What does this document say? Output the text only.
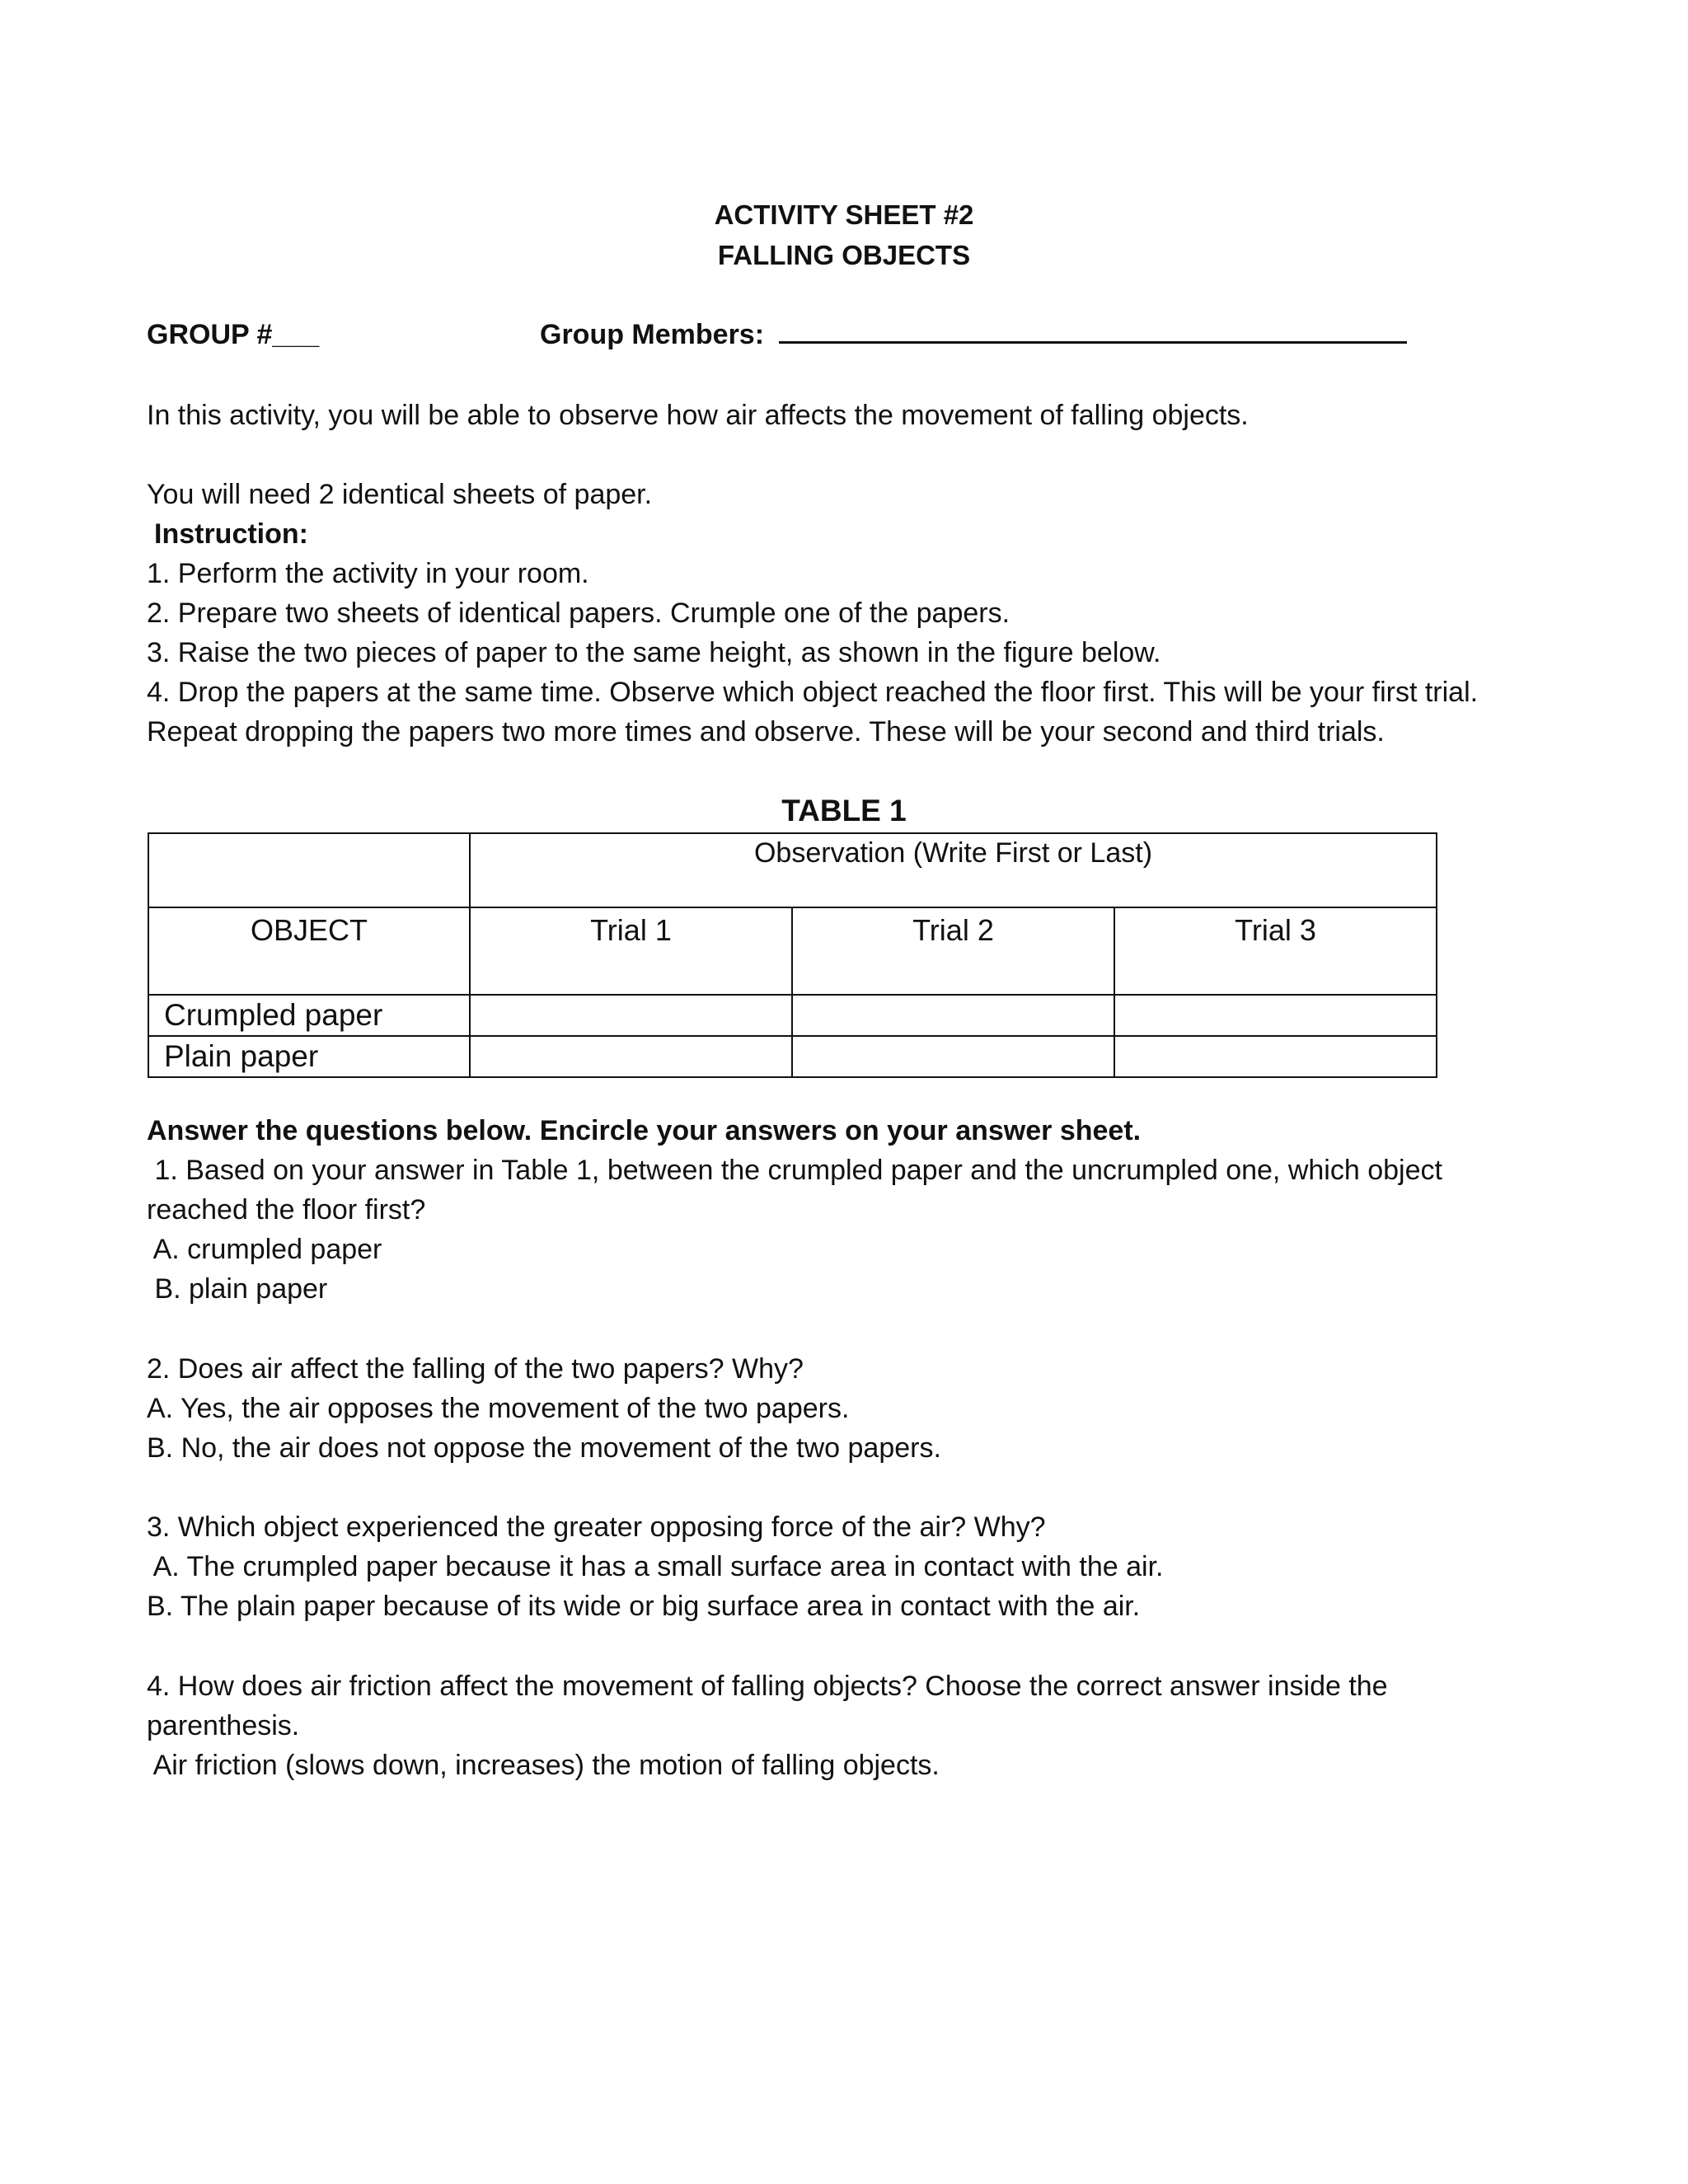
ACTIVITY SHEET #2
FALLING OBJECTS
GROUP #___	Group Members:
In this activity, you will be able to observe how air affects the movement of falling objects.
You will need 2 identical sheets of paper.
Instruction:
1. Perform the activity in your room.
2. Prepare two sheets of identical papers. Crumple one of the papers.
3. Raise the two pieces of paper to the same height, as shown in the figure below.
4. Drop the papers at the same time. Observe which object reached the floor first. This will be your first trial.
Repeat dropping the papers two more times and observe. These will be your second and third trials.
TABLE 1
	Observation (Write First or Last)		
OBJECT	Trial 1	Trial 2	Trial 3
Crumpled paper			
Plain paper			
Answer the questions below. Encircle your answers on your answer sheet.
1. Based on your answer in Table 1, between the crumpled paper and the uncrumpled one, which object
reached the floor first?
A. crumpled paper
B. plain paper
2. Does air affect the falling of the two papers? Why?
A. Yes, the air opposes the movement of the two papers.
B. No, the air does not oppose the movement of the two papers.
3. Which object experienced the greater opposing force of the air? Why?
A. The crumpled paper because it has a small surface area in contact with the air.
B. The plain paper because of its wide or big surface area in contact with the air.
4. How does air friction affect the movement of falling objects? Choose the correct answer inside the
parenthesis.
Air friction (slows down, increases) the motion of falling objects.
